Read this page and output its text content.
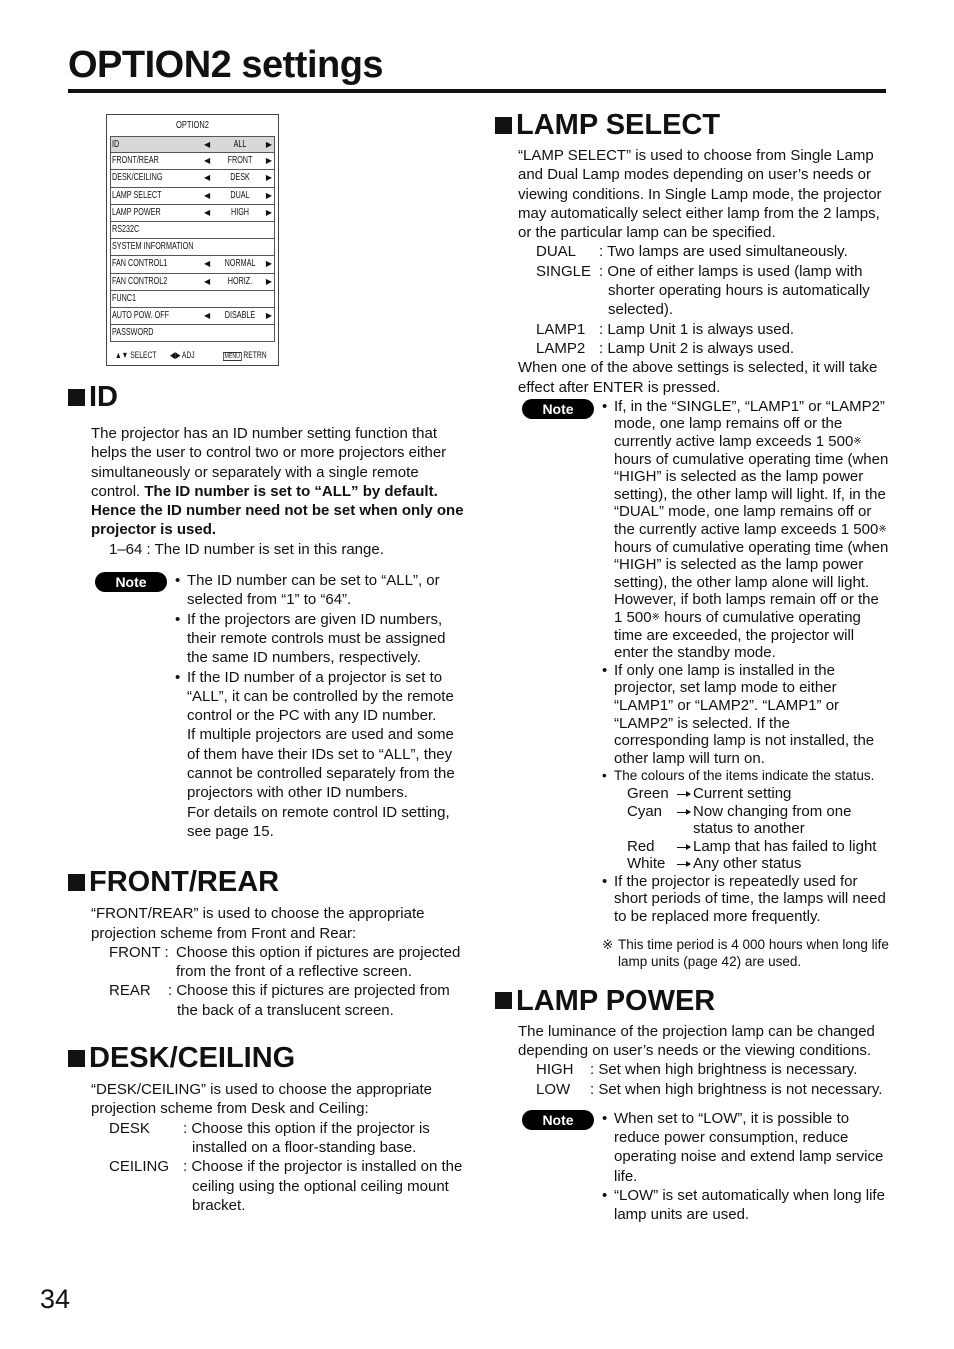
OPTION2 settings
OPTION2
ID	◀	ALL	▶
FRONT/REAR	◀	FRONT	▶
DESK/CEILING	◀	DESK	▶
LAMP SELECT	◀	DUAL	▶
LAMP POWER	◀	HIGH	▶
RS232C
SYSTEM INFORMATION
FAN CONTROL1	◀ NORMAL	▶
FAN CONTROL2	◀	HORIZ.	▶
FUNC1
AUTO POW. OFF	◀ DISABLE	▶
PASSWORD
▲▼ SELECT ◀▶ ADJ	MENU RETRN
ID
The projector has an ID number setting function that helps the user to control two or more projectors either simultaneously or separately with a single remote control. The ID number is set to “ALL” by default. Hence the ID number need not be set when only one projector is used.
1–64 : The ID number is set in this range.
Note	• The ID number can be set to “ALL”, or selected from “1” to “64”.
• If the projectors are given ID numbers, their remote controls must be assigned the same ID numbers, respectively.
• If the ID number of a projector is set to “ALL”, it can be controlled by the remote control or the PC with any ID number.
If multiple projectors are used and some of them have their IDs set to “ALL”, they cannot be controlled separately from the projectors with other ID numbers.
For details on remote control ID setting, see page 15.
FRONT/REAR
“FRONT/REAR” is used to choose the appropriate projection scheme from Front and Rear:
FRONT : Choose this option if pictures are projected from the front of a reflective screen.
REAR : Choose this if pictures are projected from the back of a translucent screen.
DESK/CEILING
“DESK/CEILING” is used to choose the appropriate projection scheme from Desk and Ceiling:
DESK : Choose this option if the projector is installed on a floor-standing base.
CEILING : Choose if the projector is installed on the ceiling using the optional ceiling mount bracket.
LAMP SELECT
“LAMP SELECT” is used to choose from Single Lamp and Dual Lamp modes depending on user’s needs or viewing conditions. In Single Lamp mode, the projector may automatically select either lamp from the 2 lamps, or the particular lamp can be specified.
DUAL : Two lamps are used simultaneously.
SINGLE : One of either lamps is used (lamp with shorter operating hours is automatically selected).
LAMP1 : Lamp Unit 1 is always used.
LAMP2 : Lamp Unit 2 is always used.
When one of the above settings is selected, it will take effect after ENTER is pressed.
Note	• If, in the “SINGLE”, “LAMP1” or “LAMP2” mode, one lamp remains off or the currently active lamp exceeds 1 500※ hours of cumulative operating time (when “HIGH” is selected as the lamp power setting), the other lamp will light. If, in the “DUAL” mode, one lamp remains off or the currently active lamp exceeds 1 500※ hours of cumulative operating time (when “HIGH” is selected as the lamp power setting), the other lamp alone will light. However, if both lamps remain off or the 1 500※ hours of cumulative operating time are exceeded, the projector will enter the standby mode.
• If only one lamp is installed in the projector, set lamp mode to either “LAMP1” or “LAMP2”. “LAMP1” or “LAMP2” is selected. If the corresponding lamp is not installed, the other lamp will turn on.
• The colours of the items indicate the status.
Green Current setting
Cyan Now changing from one status to another
Red	Lamp that has failed to light
White Any other status
• If the projector is repeatedly used for short periods of time, the lamps will need to be replaced more frequently.
※ This time period is 4 000 hours when long life lamp units (page 42) are used.
LAMP POWER
The luminance of the projection lamp can be changed depending on user’s needs or the viewing conditions.
HIGH : Set when high brightness is necessary.
LOW : Set when high brightness is not necessary.
Note	• When set to “LOW”, it is possible to reduce power consumption, reduce operating noise and extend lamp service life.
• “LOW” is set automatically when long life lamp units are used.
34
